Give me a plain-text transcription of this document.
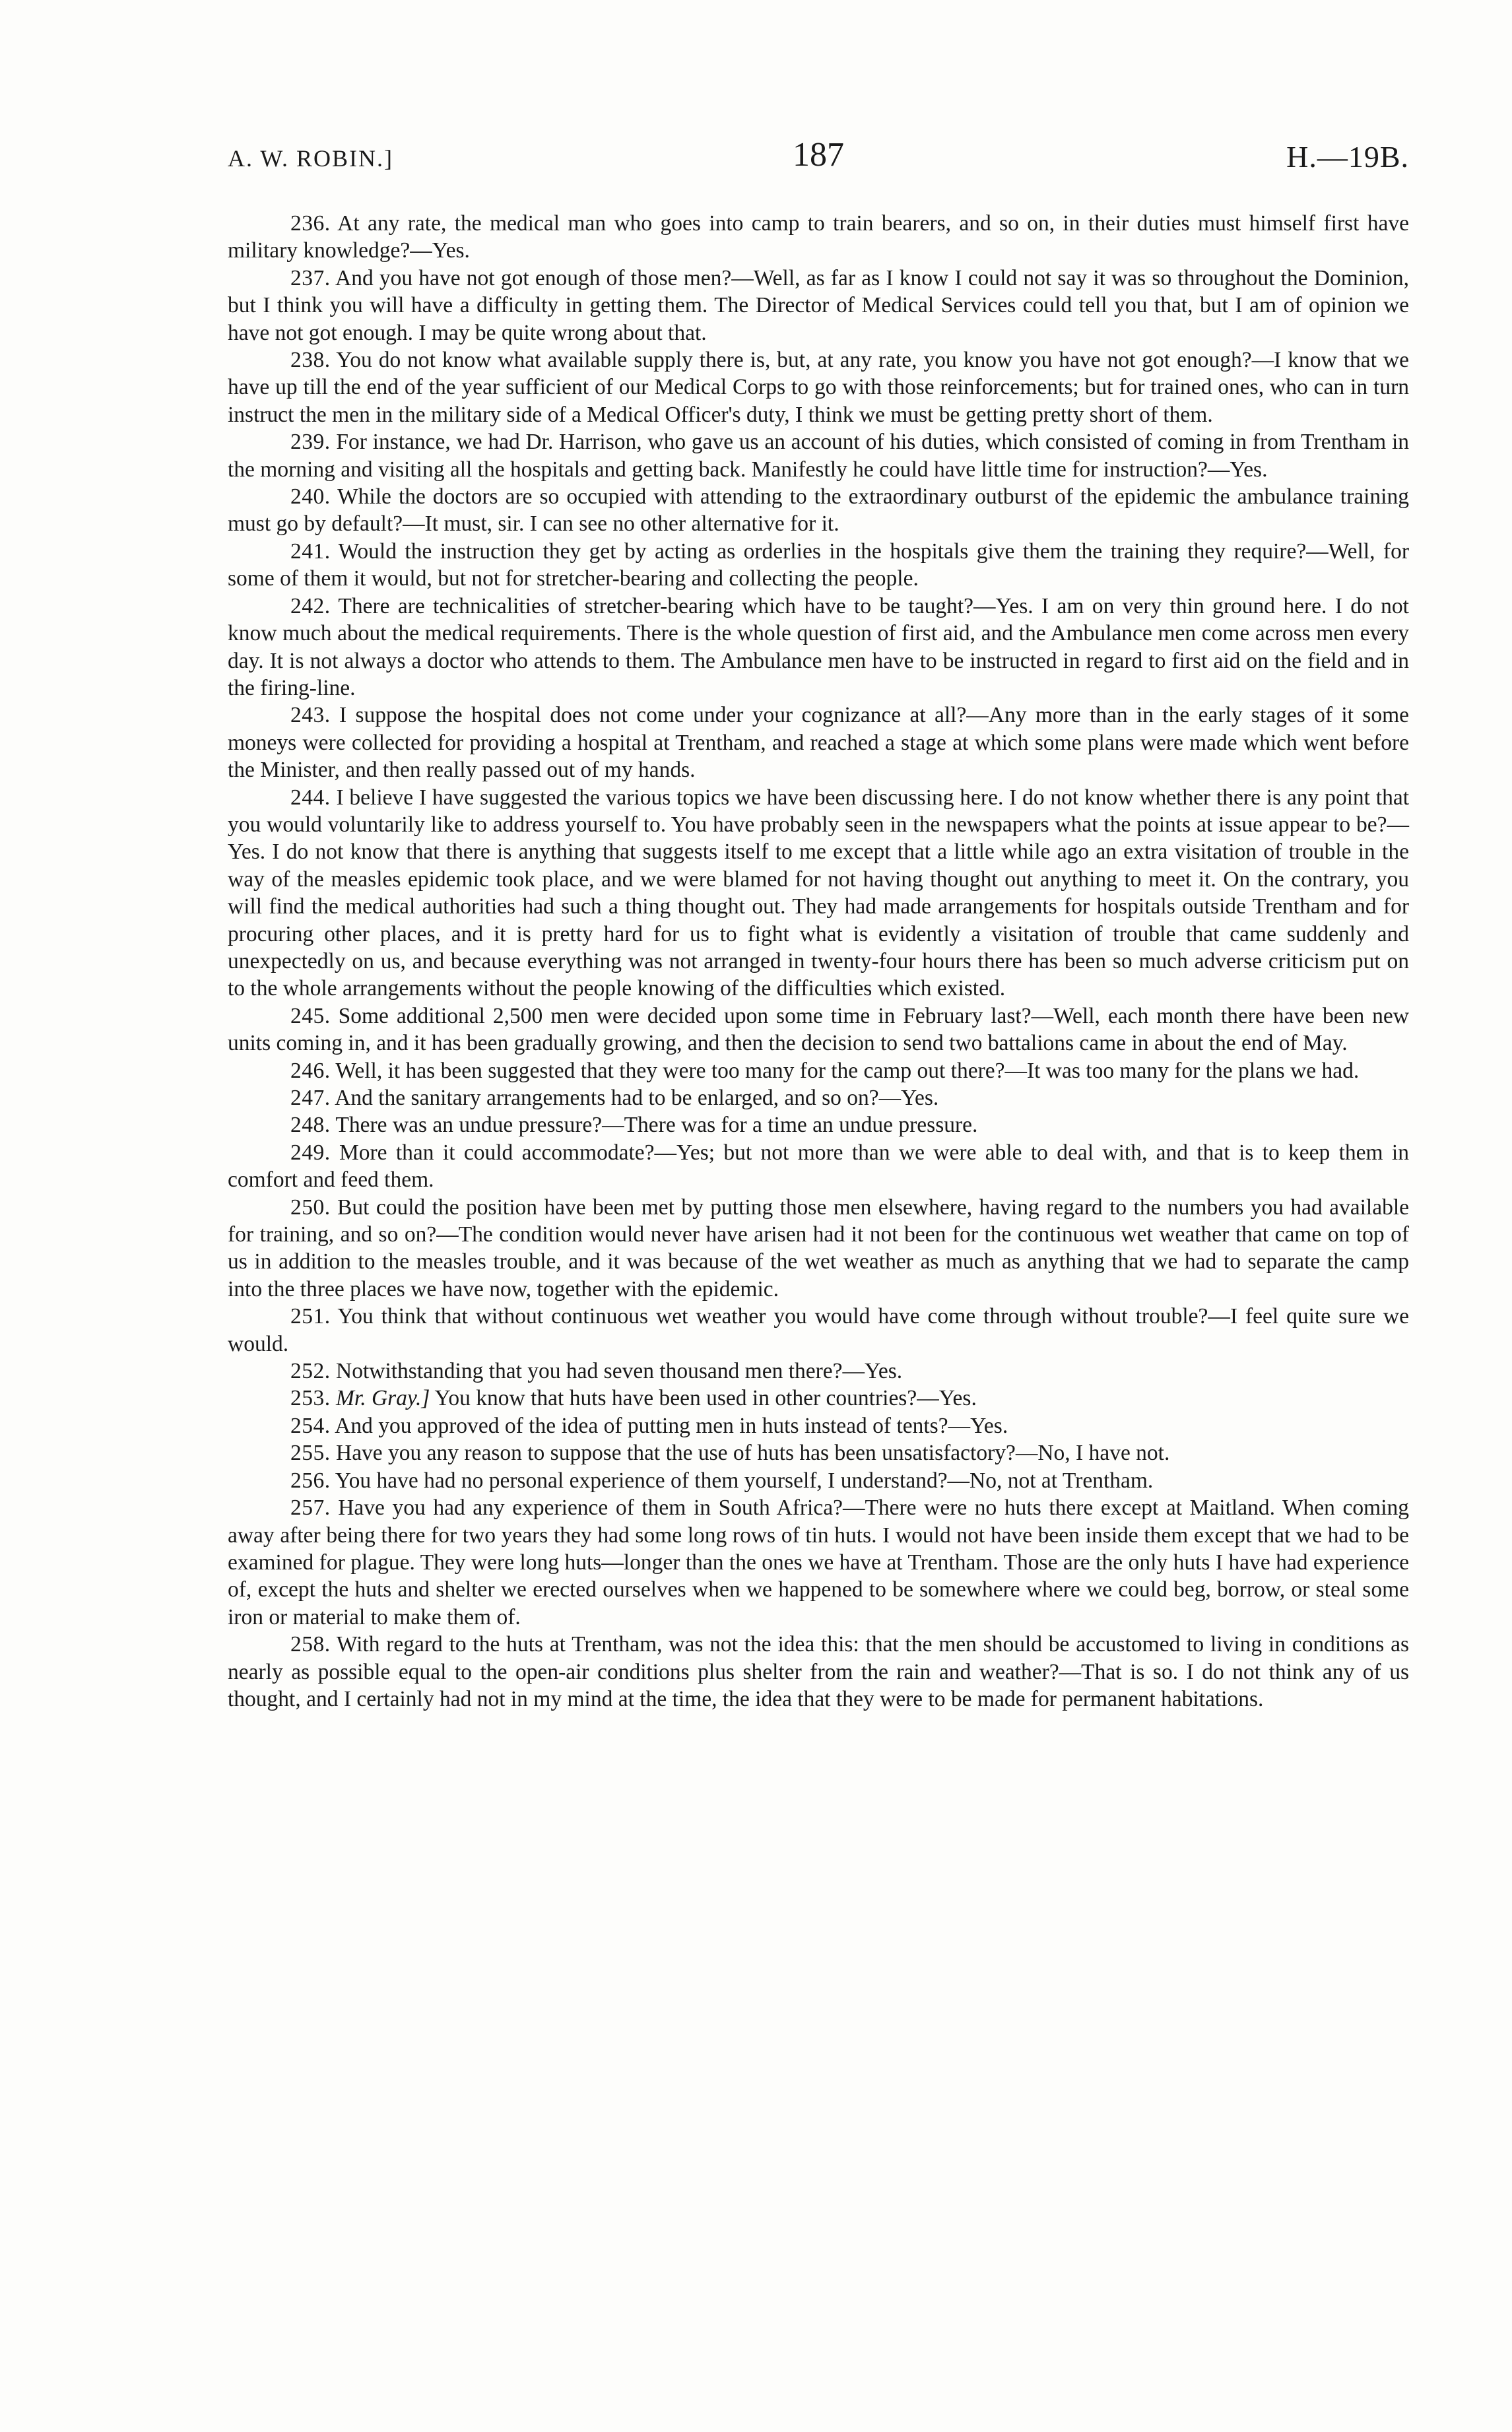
A. W. ROBIN.]	187	H.—19B.

236. At any rate, the medical man who goes into camp to train bearers, and so on, in their duties must himself first have military knowledge?—Yes.

237. And you have not got enough of those men?—Well, as far as I know I could not say it was so throughout the Dominion, but I think you will have a difficulty in getting them. The Director of Medical Services could tell you that, but I am of opinion we have not got enough. I may be quite wrong about that.

238. You do not know what available supply there is, but, at any rate, you know you have not got enough?—I know that we have up till the end of the year sufficient of our Medical Corps to go with those reinforcements; but for trained ones, who can in turn instruct the men in the military side of a Medical Officer's duty, I think we must be getting pretty short of them.

239. For instance, we had Dr. Harrison, who gave us an account of his duties, which consisted of coming in from Trentham in the morning and visiting all the hospitals and getting back. Manifestly he could have little time for instruction?—Yes.

240. While the doctors are so occupied with attending to the extraordinary outburst of the epidemic the ambulance training must go by default?—It must, sir. I can see no other alternative for it.

241. Would the instruction they get by acting as orderlies in the hospitals give them the training they require?—Well, for some of them it would, but not for stretcher-bearing and collecting the people.

242. There are technicalities of stretcher-bearing which have to be taught?—Yes. I am on very thin ground here. I do not know much about the medical requirements. There is the whole question of first aid, and the Ambulance men come across men every day. It is not always a doctor who attends to them. The Ambulance men have to be instructed in regard to first aid on the field and in the firing-line.

243. I suppose the hospital does not come under your cognizance at all?—Any more than in the early stages of it some moneys were collected for providing a hospital at Trentham, and reached a stage at which some plans were made which went before the Minister, and then really passed out of my hands.

244. I believe I have suggested the various topics we have been discussing here. I do not know whether there is any point that you would voluntarily like to address yourself to. You have probably seen in the newspapers what the points at issue appear to be?—Yes. I do not know that there is anything that suggests itself to me except that a little while ago an extra visitation of trouble in the way of the measles epidemic took place, and we were blamed for not having thought out anything to meet it. On the contrary, you will find the medical authorities had such a thing thought out. They had made arrangements for hospitals outside Trentham and for procuring other places, and it is pretty hard for us to fight what is evidently a visitation of trouble that came suddenly and unexpectedly on us, and because everything was not arranged in twenty-four hours there has been so much adverse criticism put on to the whole arrangements without the people knowing of the difficulties which existed.

245. Some additional 2,500 men were decided upon some time in February last?—Well, each month there have been new units coming in, and it has been gradually growing, and then the decision to send two battalions came in about the end of May.

246. Well, it has been suggested that they were too many for the camp out there?—It was too many for the plans we had.

247. And the sanitary arrangements had to be enlarged, and so on?—Yes.

248. There was an undue pressure?—There was for a time an undue pressure.

249. More than it could accommodate?—Yes; but not more than we were able to deal with, and that is to keep them in comfort and feed them.

250. But could the position have been met by putting those men elsewhere, having regard to the numbers you had available for training, and so on?—The condition would never have arisen had it not been for the continuous wet weather that came on top of us in addition to the measles trouble, and it was because of the wet weather as much as anything that we had to separate the camp into the three places we have now, together with the epidemic.

251. You think that without continuous wet weather you would have come through without trouble?—I feel quite sure we would.

252. Notwithstanding that you had seven thousand men there?—Yes.

253. Mr. Gray.] You know that huts have been used in other countries?—Yes.

254. And you approved of the idea of putting men in huts instead of tents?—Yes.

255. Have you any reason to suppose that the use of huts has been unsatisfactory?—No, I have not.

256. You have had no personal experience of them yourself, I understand?—No, not at Trentham.

257. Have you had any experience of them in South Africa?—There were no huts there except at Maitland. When coming away after being there for two years they had some long rows of tin huts. I would not have been inside them except that we had to be examined for plague. They were long huts—longer than the ones we have at Trentham. Those are the only huts I have had experience of, except the huts and shelter we erected ourselves when we happened to be somewhere where we could beg, borrow, or steal some iron or material to make them of.

258. With regard to the huts at Trentham, was not the idea this: that the men should be accustomed to living in conditions as nearly as possible equal to the open-air conditions plus shelter from the rain and weather?—That is so. I do not think any of us thought, and I certainly had not in my mind at the time, the idea that they were to be made for permanent habitations.
